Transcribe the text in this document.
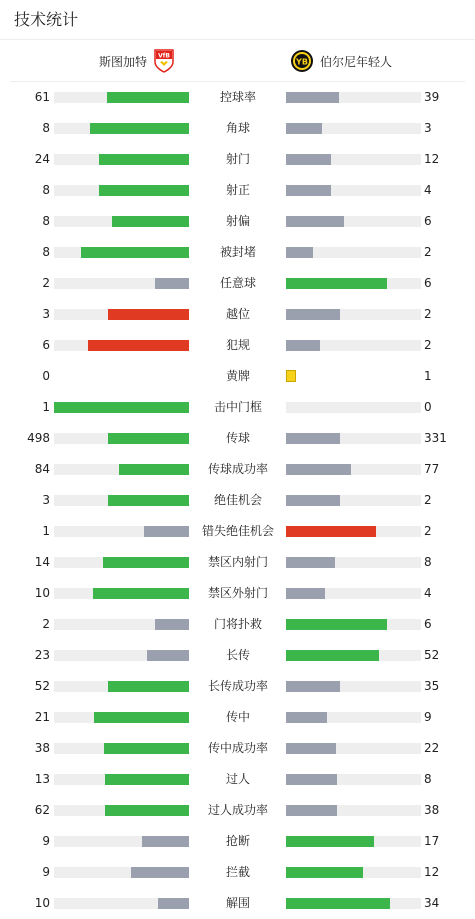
技术统计
斯图加特 VfB
YB 伯尔尼年轻人
61	控球率	39
8	角球	3
24	射门	12
8	射正	4
8	射偏	6
8	被封堵	2
2	任意球	6
3	越位	2
6	犯规	2
0	黄牌	1
1	击中门框	0
498	传球	331
84	传球成功率	77
3	绝佳机会	2
1	错失绝佳机会	2
14	禁区内射门	8
10	禁区外射门	4
2	门将扑救	6
23	长传	52
52	长传成功率	35
21	传中	9
38	传中成功率	22
13	过人	8
62	过人成功率	38
9	抢断	17
9	拦截	12
10	解围	34
